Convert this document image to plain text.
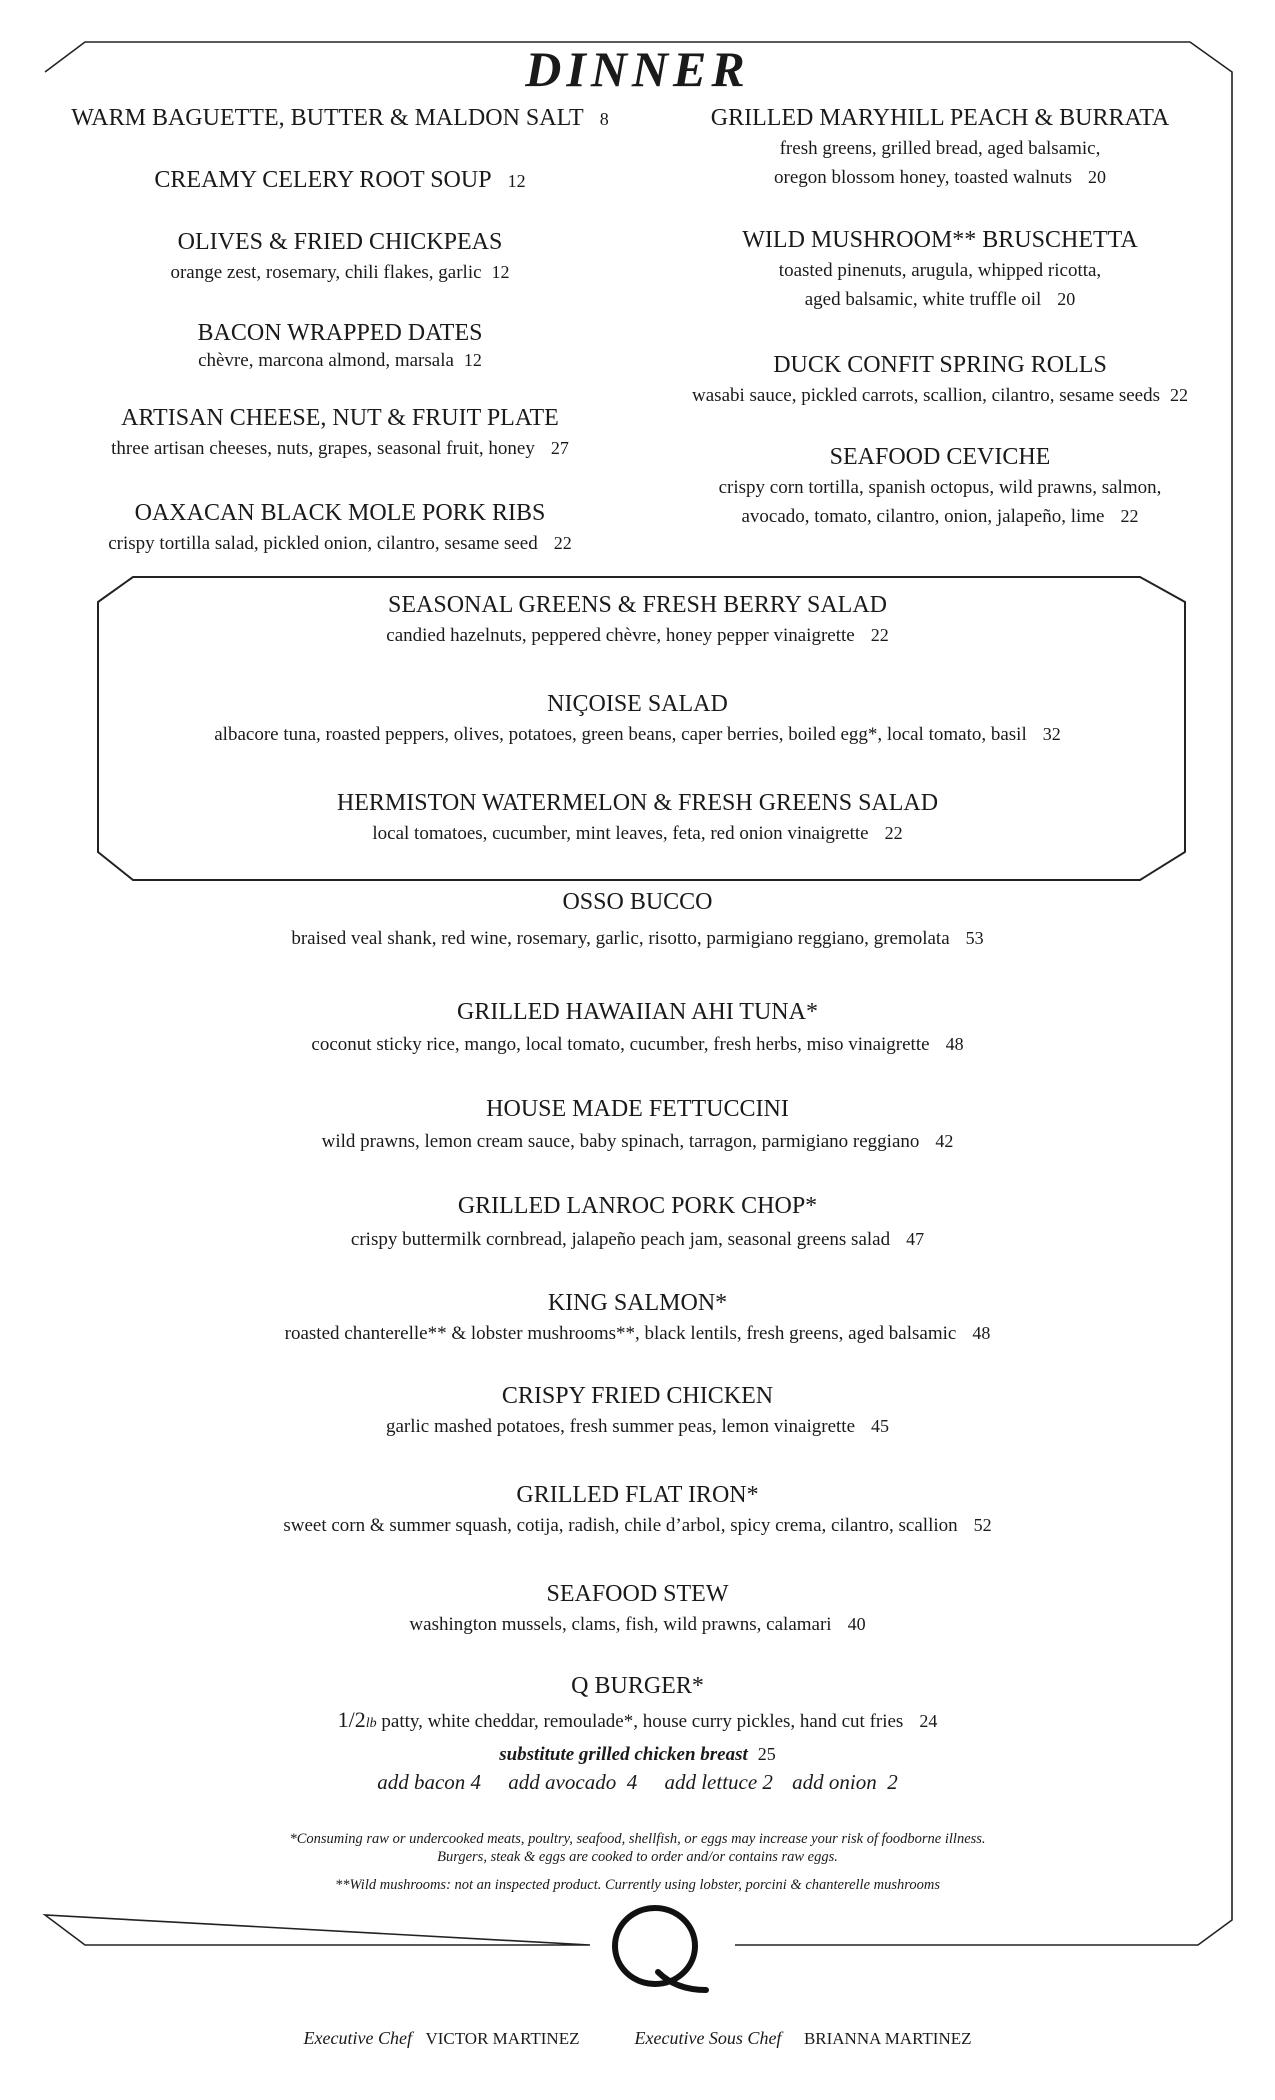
DINNER
WARM BAGUETTE, BUTTER & MALDON SALT 8
CREAMY CELERY ROOT SOUP 12
OLIVES & FRIED CHICKPEAS
orange zest, rosemary, chili flakes, garlic 12
BACON WRAPPED DATES
chèvre, marcona almond, marsala 12
ARTISAN CHEESE, NUT & FRUIT PLATE
three artisan cheeses, nuts, grapes, seasonal fruit, honey 27
OAXACAN BLACK MOLE PORK RIBS
crispy tortilla salad, pickled onion, cilantro, sesame seed 22
GRILLED MARYHILL PEACH & BURRATA
fresh greens, grilled bread, aged balsamic,
oregon blossom honey, toasted walnuts 20
WILD MUSHROOM** BRUSCHETTA
toasted pinenuts, arugula, whipped ricotta,
aged balsamic, white truffle oil 20
DUCK CONFIT SPRING ROLLS
wasabi sauce, pickled carrots, scallion, cilantro, sesame seeds 22
SEAFOOD CEVICHE
crispy corn tortilla, spanish octopus, wild prawns, salmon,
avocado, tomato, cilantro, onion, jalapeño, lime 22
SEASONAL GREENS & FRESH BERRY SALAD
candied hazelnuts, peppered chèvre, honey pepper vinaigrette 22
NIÇOISE SALAD
albacore tuna, roasted peppers, olives, potatoes, green beans, caper berries, boiled egg*, local tomato, basil 32
HERMISTON WATERMELON & FRESH GREENS SALAD
local tomatoes, cucumber, mint leaves, feta, red onion vinaigrette 22
OSSO BUCCO
braised veal shank, red wine, rosemary, garlic, risotto, parmigiano reggiano, gremolata 53
GRILLED HAWAIIAN AHI TUNA*
coconut sticky rice, mango, local tomato, cucumber, fresh herbs, miso vinaigrette 48
HOUSE MADE FETTUCCINI
wild prawns, lemon cream sauce, baby spinach, tarragon, parmigiano reggiano 42
GRILLED LANROC PORK CHOP*
crispy buttermilk cornbread, jalapeño peach jam, seasonal greens salad 47
KING SALMON*
roasted chanterelle** & lobster mushrooms**, black lentils, fresh greens, aged balsamic 48
CRISPY FRIED CHICKEN
garlic mashed potatoes, fresh summer peas, lemon vinaigrette 45
GRILLED FLAT IRON*
sweet corn & summer squash, cotija, radish, chile d’arbol, spicy crema, cilantro, scallion 52
SEAFOOD STEW
washington mussels, clams, fish, wild prawns, calamari 40
Q BURGER*
1/2lb patty, white cheddar, remoulade*, house curry pickles, hand cut fries 24
substitute grilled chicken breast 25
add bacon 4 add avocado 4 add lettuce 2 add onion 2
*Consuming raw or undercooked meats, poultry, seafood, shellfish, or eggs may increase your risk of foodborne illness.
Burgers, steak & eggs are cooked to order and/or contains raw eggs.
**Wild mushrooms: not an inspected product. Currently using lobster, porcini & chanterelle mushrooms
Executive Chef VICTOR MARTINEZ	Executive Sous Chef BRIANNA MARTINEZ
